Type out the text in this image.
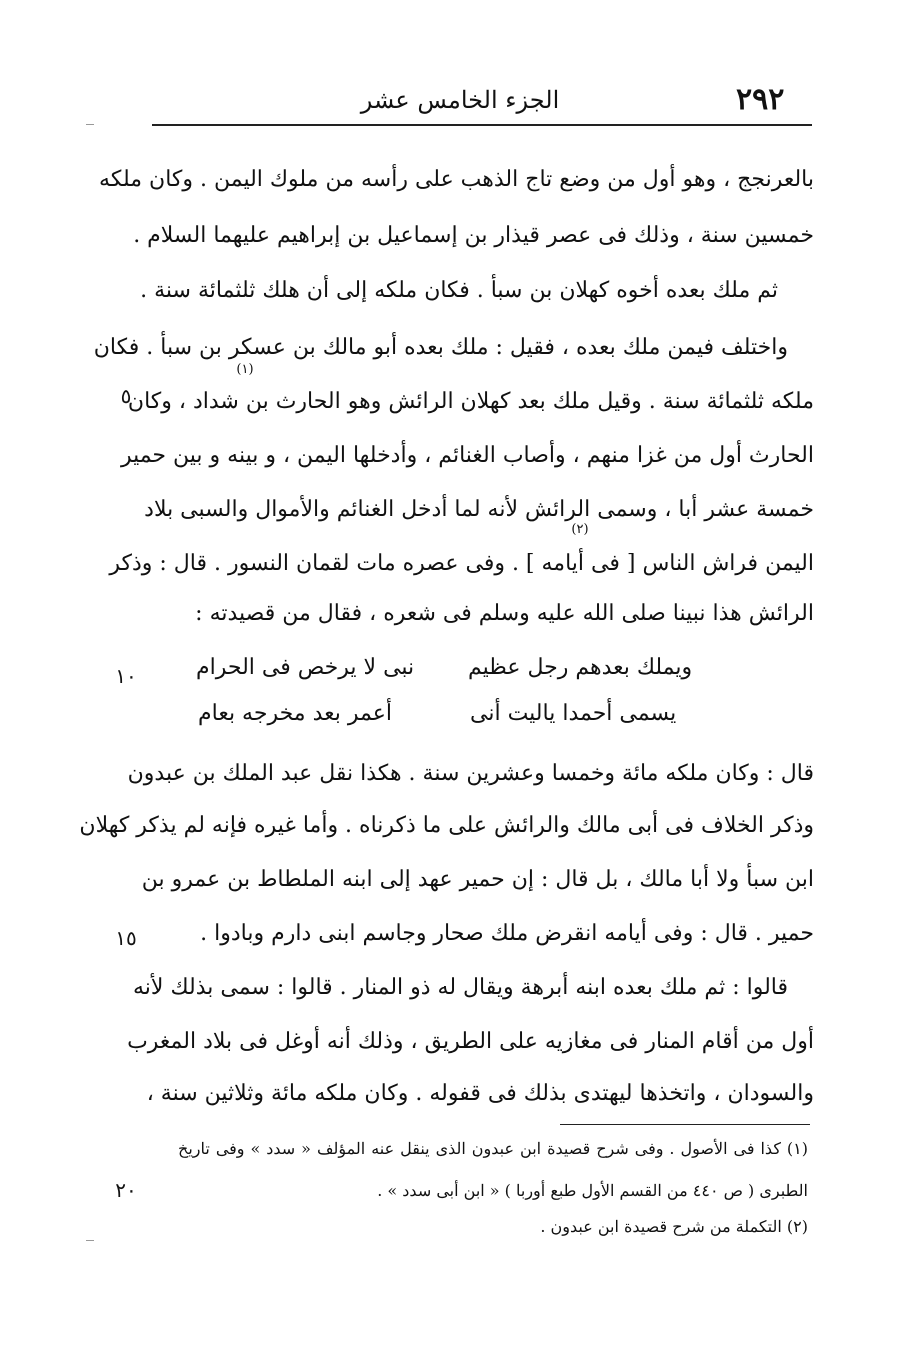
٢٩٢
الجزء الخامس عشر
بالعرنجج ، وهو أول من وضع تاج الذهب على رأسه من ملوك اليمن . وكان ملكه
خمسين سنة ، وذلك فى عصر قيذار بن إسماعيل بن إبراهيم عليهما السلام .
ثم ملك بعده أخوه كهلان بن سبأ . فكان ملكه إلى أن هلك ثلثمائة سنة .
واختلف فيمن ملك بعده ، فقيل : ملك بعده أبو مالك بن عسكر بن سبأ . فكان
ملكه ثلثمائة سنة . وقيل ملك بعد كهلان الرائش وهو الحارث بن شداد ، وكان
الحارث أول من غزا منهم ، وأصاب الغنائم ، وأدخلها اليمن ، و بينه و بين حمير
خمسة عشر أبا ، وسمى الرائش لأنه لما أدخل الغنائم والأموال والسبى بلاد
اليمن فراش الناس [ فى أيامه ] . وفى عصره مات لقمان النسور . قال : وذكر
الرائش هذا نبينا صلى الله عليه وسلم فى شعره ، فقال من قصيدته :
(١)
(٢)
ويملك بعدهم رجل عظيم
نبى لا يرخص فى الحرام
يسمى أحمدا ياليت أنى
أعمر بعد مخرجه بعام
قال : وكان ملكه مائة وخمسا وعشرين سنة . هكذا نقل عبد الملك بن عبدون
وذكر الخلاف فى أبى مالك والرائش على ما ذكرناه . وأما غيره فإنه لم يذكر كهلان
ابن سبأ ولا أبا مالك ، بل قال : إن حمير عهد إلى ابنه الملطاط بن عمرو بن
حمير . قال : وفى أيامه انقرض ملك صحار وجاسم ابنى دارم وبادوا .
قالوا : ثم ملك بعده ابنه أبرهة ويقال له ذو المنار . قالوا : سمى بذلك لأنه
أول من أقام المنار فى مغازيه على الطريق ، وذلك أنه أوغل فى بلاد المغرب
والسودان ، واتخذها ليهتدى بذلك فى قفوله . وكان ملكه مائة وثلاثين سنة ،
٥
١٠
١٥
٢٠
(١) كذا فى الأصول . وفى شرح قصيدة ابن عبدون الذى ينقل عنه المؤلف « سدد » وفى تاريخ
الطبرى ( ص ٤٤٠ من القسم الأول طبع أوربا ) « ابن أبى سدد » .
(٢) التكملة من شرح قصيدة ابن عبدون .
